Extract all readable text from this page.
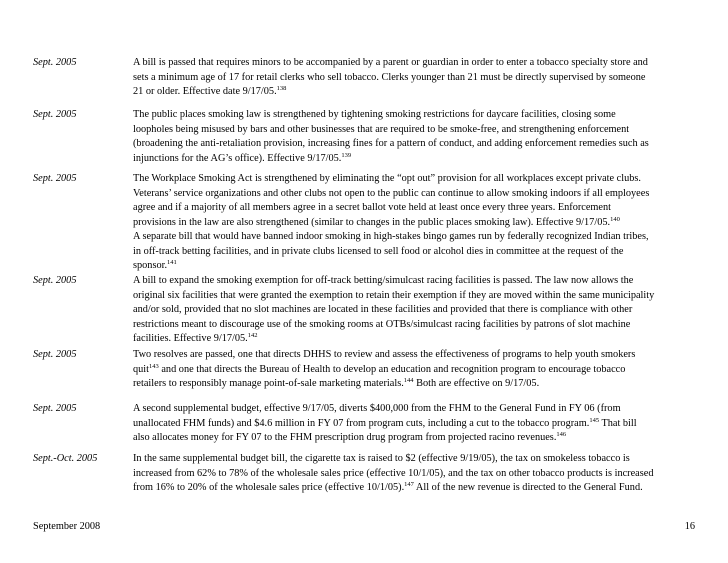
Sept. 2005	A bill is passed that requires minors to be accompanied by a parent or guardian in order to enter a tobacco specialty store and
sets a minimum age of 17 for retail clerks who sell tobacco. Clerks younger than 21 must be directly supervised by someone
21 or older. Effective date 9/17/05.$^{138}$
Sept. 2005	The public places smoking law is strengthened by tightening smoking restrictions for daycare facilities, closing some
loopholes being misused by bars and other businesses that are required to be smoke-free, and strengthening enforcement
(broadening the anti-retaliation provision, increasing fines for a pattern of conduct, and adding enforcement remedies such as
injunctions for the AG’s office). Effective 9/17/05.$^{139}$
Sept. 2005	The Workplace Smoking Act is strengthened by eliminating the “opt out” provision for all workplaces except private clubs.
Veterans’ service organizations and other clubs not open to the public can continue to allow smoking indoors if all employees
agree and if a majority of all members agree in a secret ballot vote held at least once every three years. Enforcement
provisions in the law are also strengthened (similar to changes in the public places smoking law). Effective 9/17/05.$^{140}$
A separate bill that would have banned indoor smoking in high-stakes bingo games run by federally recognized Indian tribes,
in off-track betting facilities, and in private clubs licensed to sell food or alcohol dies in committee at the request of the
sponsor.$^{141}$
Sept. 2005	A bill to expand the smoking exemption for off-track betting/simulcast racing facilities is passed. The law now allows the
original six facilities that were granted the exemption to retain their exemption if they are moved within the same municipality
and/or sold, provided that no slot machines are located in these facilities and provided that there is compliance with other
restrictions meant to discourage use of the smoking rooms at OTBs/simulcast racing facilities by patrons of slot machine
facilities. Effective 9/17/05.$^{142}$
Sept. 2005	Two resolves are passed, one that directs DHHS to review and assess the effectiveness of programs to help youth smokers
quit$^{143}$ and one that directs the Bureau of Health to develop an education and recognition program to encourage tobacco
retailers to responsibly manage point-of-sale marketing materials.$^{144}$ Both are effective on 9/17/05.
Sept. 2005	A second supplemental budget, effective 9/17/05, diverts $400,000 from the FHM to the General Fund in FY 06 (from
unallocated FHM funds) and $4.6 million in FY 07 from program cuts, including a cut to the tobacco program.$^{145}$ That bill
also allocates money for FY 07 to the FHM prescription drug program from projected racino revenues.$^{146}$
Sept.-Oct. 2005	In the same supplemental budget bill, the cigarette tax is raised to $2 (effective 9/19/05), the tax on smokeless tobacco is
increased from 62% to 78% of the wholesale sales price (effective 10/1/05), and the tax on other tobacco products is increased
from 16% to 20% of the wholesale sales price (effective 10/1/05).$^{147}$ All of the new revenue is directed to the General Fund.
September 2008	16
